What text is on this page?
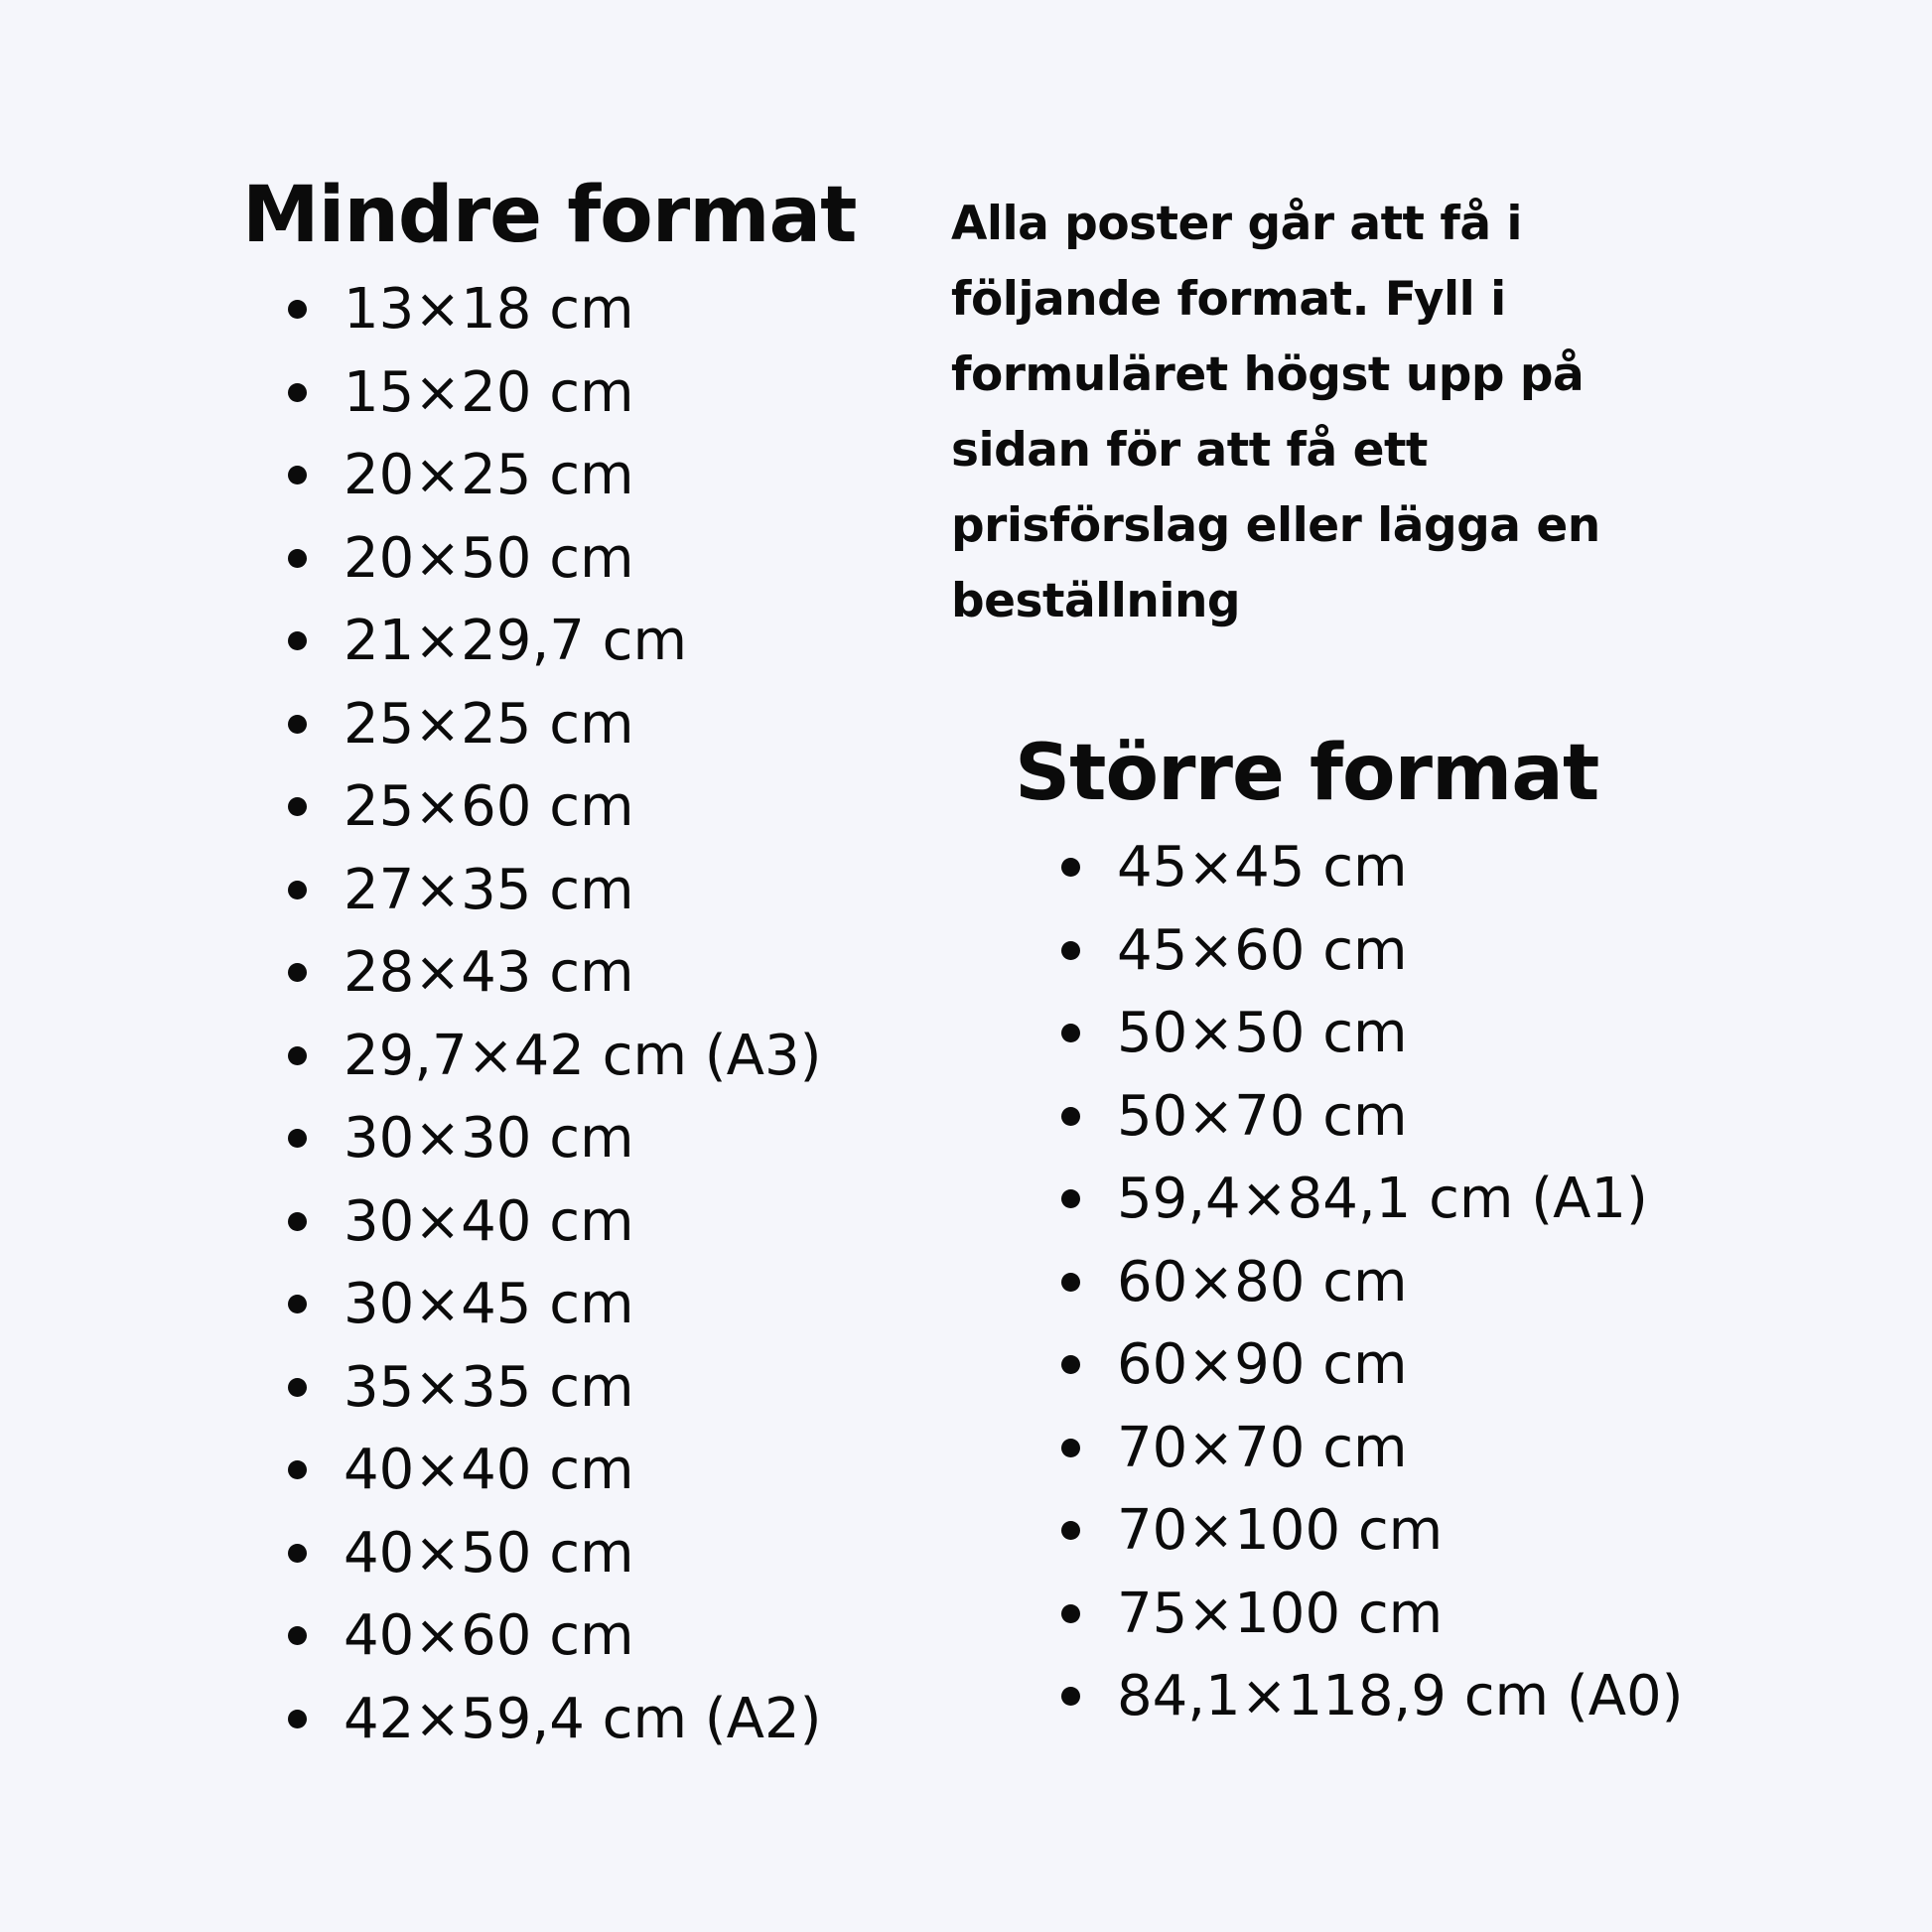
Mindre format
13×18 cm
15×20 cm
20×25 cm
20×50 cm
21×29,7 cm
25×25 cm
25×60 cm
27×35 cm
28×43 cm
29,7×42 cm (A3)
30×30 cm
30×40 cm
30×45 cm
35×35 cm
40×40 cm
40×50 cm
40×60 cm
42×59,4 cm (A2)

Alla poster går att få i följande format. Fyll i formuläret högst upp på sidan för att få ett prisförslag eller lägga en beställning

Större format
45×45 cm
45×60 cm
50×50 cm
50×70 cm
59,4×84,1 cm (A1)
60×80 cm
60×90 cm
70×70 cm
70×100 cm
75×100 cm
84,1×118,9 cm (A0)
